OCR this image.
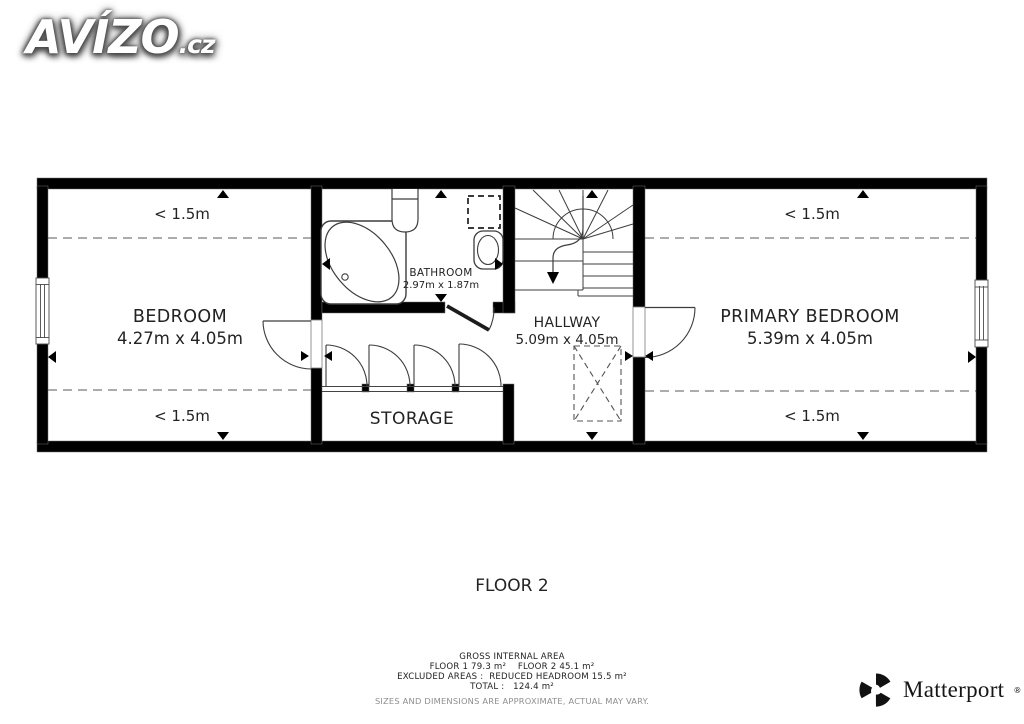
AVÍZO.cz
< 1.5m
BEDROOM
4.27m x 4.05m
< 1.5m
BATHROOM
2.97m x 1.87m
HALLWAY
5.09m x 4.05m
STORAGE
< 1.5m
PRIMARY BEDROOM
5.39m x 4.05m
< 1.5m
FLOOR 2

GROSS INTERNAL AREA

FLOOR 1 79.3 m²    FLOOR 2 45.1 m²

EXCLUDED AREAS :  REDUCED HEADROOM 15.5 m²

TOTAL :   124.4 m²

SIZES AND DIMENSIONS ARE APPROXIMATE, ACTUAL MAY VARY.	Matterport ®
